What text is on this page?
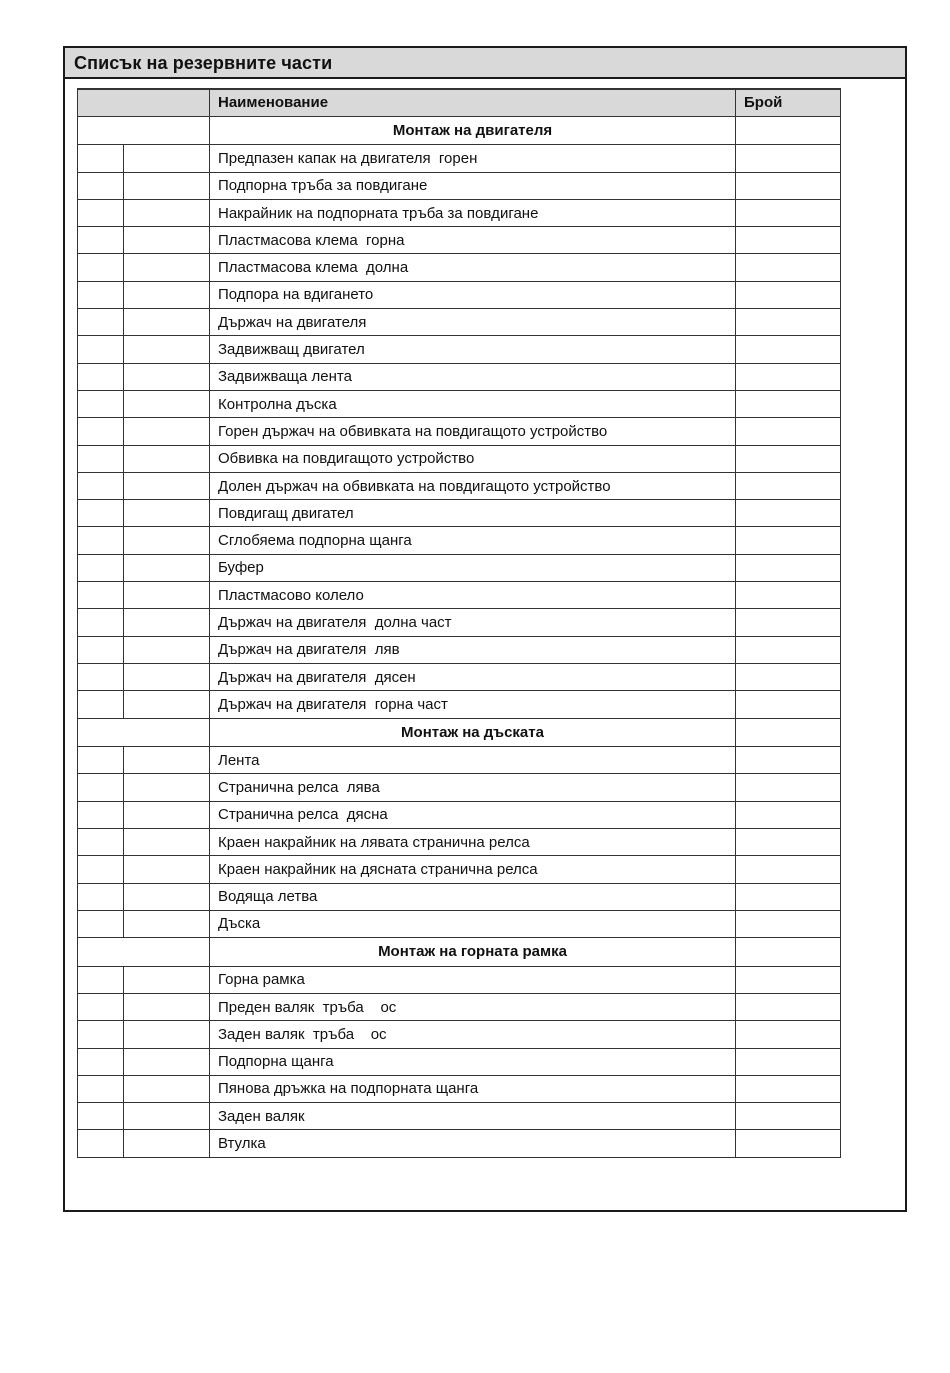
Списък на резервните части
		Наименование	Брой
		Монтаж на двигателя	
		Предпазен капак на двигателя  горен	
		Подпорна тръба за повдигане	
		Накрайник на подпорната тръба за повдигане	
		Пластмасова клема  горна	
		Пластмасова клема  долна	
		Подпора на вдигането	
		Държач на двигателя	
		Задвижващ двигател	
		Задвижваща лента	
		Контролна дъска	
		Горен държач на обвивката на повдигащото устройство	
		Обвивка на повдигащото устройство	
		Долен държач на обвивката на повдигащото устройство	
		Повдигащ двигател	
		Сглобяема подпорна щанга	
		Буфер	
		Пластмасово колело	
		Държач на двигателя  долна част	
		Държач на двигателя  ляв	
		Държач на двигателя  дясен	
		Държач на двигателя  горна част	
		Монтаж на дъската	
		Лента	
		Странична релса  лява	
		Странична релса  дясна	
		Краен накрайник на лявата странична релса	
		Краен накрайник на дясната странична релса	
		Водяща летва	
		Дъска	
		Монтаж на горната рамка	
		Горна рамка	
		Преден валяк  тръба    ос	
		Заден валяк  тръба    ос	
		Подпорна щанга	
		Пянова дръжка на подпорната щанга	
		Заден валяк	
		Втулка	
